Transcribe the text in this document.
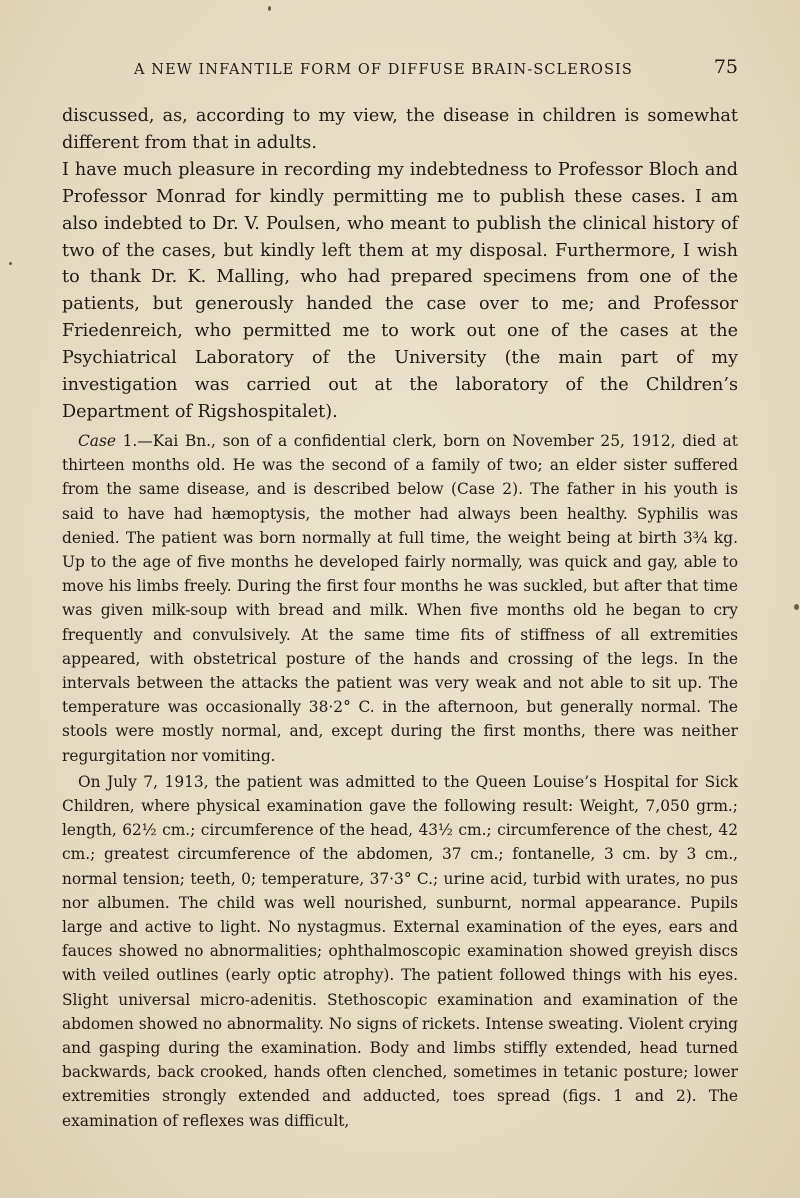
A NEW INFANTILE FORM OF DIFFUSE BRAIN-SCLEROSIS	75

discussed, as, according to my view, the disease in children is somewhat different from that in adults.

I have much pleasure in recording my indebtedness to Professor Bloch and Professor Monrad for kindly permitting me to publish these cases. I am also indebted to Dr. V. Poulsen, who meant to publish the clinical history of two of the cases, but kindly left them at my disposal. Furthermore, I wish to thank Dr. K. Malling, who had prepared specimens from one of the patients, but generously handed the case over to me; and Professor Friedenreich, who permitted me to work out one of the cases at the Psychiatrical Laboratory of the University (the main part of my investigation was carried out at the laboratory of the Children’s Department of Rigshospitalet).

Case 1.—Kai Bn., son of a confidential clerk, born on November 25, 1912, died at thirteen months old. He was the second of a family of two; an elder sister suffered from the same disease, and is described below (Case 2). The father in his youth is said to have had hæmoptysis, the mother had always been healthy. Syphilis was denied. The patient was born normally at full time, the weight being at birth 3¾ kg. Up to the age of five months he developed fairly normally, was quick and gay, able to move his limbs freely. During the first four months he was suckled, but after that time was given milk-soup with bread and milk. When five months old he began to cry frequently and convulsively. At the same time fits of stiffness of all extremities appeared, with obstetrical posture of the hands and crossing of the legs. In the intervals between the attacks the patient was very weak and not able to sit up. The temperature was occasionally 38·2° C. in the afternoon, but generally normal. The stools were mostly normal, and, except during the first months, there was neither regurgitation nor vomiting.

On July 7, 1913, the patient was admitted to the Queen Louise’s Hospital for Sick Children, where physical examination gave the following result: Weight, 7,050 grm.; length, 62½ cm.; circumference of the head, 43½ cm.; circumference of the chest, 42 cm.; greatest circumference of the abdomen, 37 cm.; fontanelle, 3 cm. by 3 cm., normal tension; teeth, 0; temperature, 37·3° C.; urine acid, turbid with urates, no pus nor albumen. The child was well nourished, sunburnt, normal appearance. Pupils large and active to light. No nystagmus. External examination of the eyes, ears and fauces showed no abnormalities; ophthalmoscopic examination showed greyish discs with veiled outlines (early optic atrophy). The patient followed things with his eyes. Slight universal micro-adenitis. Stethoscopic examination and examination of the abdomen showed no abnormality. No signs of rickets. Intense sweating. Violent crying and gasping during the examination. Body and limbs stiffly extended, head turned backwards, back crooked, hands often clenched, sometimes in tetanic posture; lower extremities strongly extended and adducted, toes spread (figs. 1 and 2). The examination of reflexes was difficult,
